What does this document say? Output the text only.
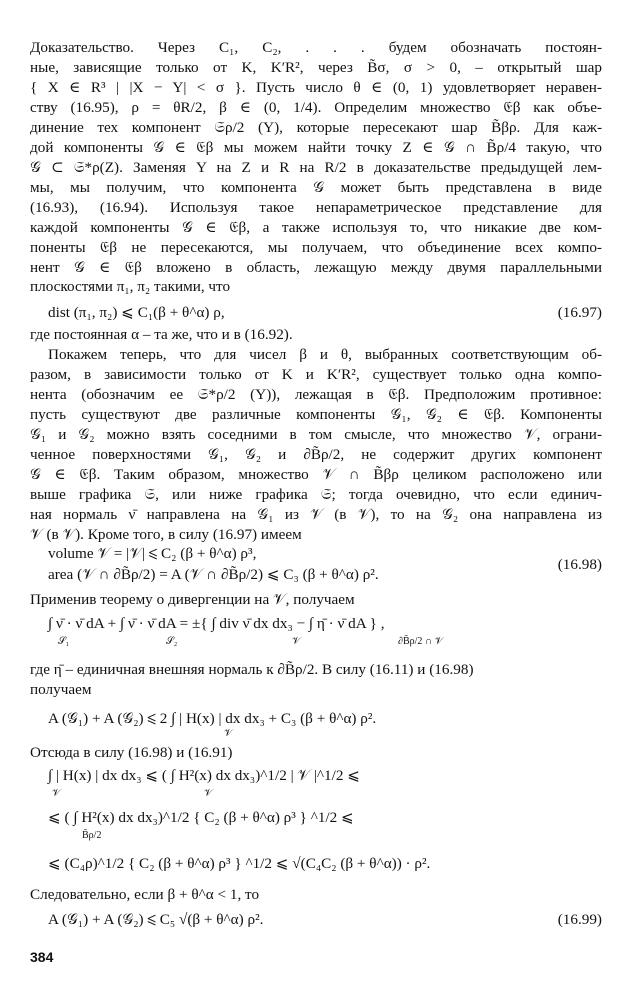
Доказательство. Через C₁, C₂, . . . будем обозначать постоян-
ные, зависящие только от K, K′R², через B̃σ, σ > 0, – открытый шар
{ X ∈ R³ | |X − Y| < σ }. Пусть число θ ∈ (0, 1) удовлетворяет неравен-
ству (16.95), ρ = θR/2, β ∈ (0, 1/4). Определим множество 𝔈β как объе-
динение тех компонент 𝔖ρ/2 (Y), которые пересекают шар B̃βρ. Для каж-
дой компоненты 𝒢 ∈ 𝔈β мы можем найти точку Z ∈ 𝒢 ∩ B̃ρ/4 такую, что
𝒢 ⊂ 𝔖*ρ(Z). Заменяя Y на Z и R на R/2 в доказательстве предыдущей лем-
мы, мы получим, что компонента 𝒢 может быть представлена в виде
(16.93), (16.94). Используя такое непараметрическое представление для
каждой компоненты 𝒢 ∈ 𝔈β, а также используя то, что никакие две ком-
поненты 𝔈β не пересекаются, мы получаем, что объединение всех компо-
нент 𝒢 ∈ 𝔈β вложено в область, лежащую между двумя параллельными
плоскостями π₁, π₂ такими, что
dist (π₁, π₂) ⩽ C₁(β + θ^α) ρ,	(16.97)
где постоянная α – та же, что и в (16.92).
Покажем теперь, что для чисел β и θ, выбранных соответствующим об-
разом, в зависимости только от K и K′R², существует только одна компо-
нента (обозначим ее 𝔖*ρ/2 (Y)), лежащая в 𝔈β. Предположим противное:
пусть существуют две различные компоненты 𝒢₁, 𝒢₂ ∈ 𝔈β. Компоненты
𝒢₁ и 𝒢₂ можно взять соседними в том смысле, что множество 𝒱, ограни-
ченное поверхностями 𝒢₁, 𝒢₂ и ∂B̃ρ/2, не содержит других компонент
𝒢 ∈ 𝔈β. Таким образом, множество 𝒱 ∩ B̃βρ целиком расположено или
выше графика 𝔖, или ниже графика 𝔖; тогда очевидно, что если единич-
ная нормаль ν̄ направлена на 𝒢₁ из 𝒱 (в 𝒱), то на 𝒢₂ она направлена из
𝒱 (в 𝒱). Кроме того, в силу (16.97) имеем
volume 𝒱 = |𝒱| ⩽ C₂ (β + θ^α) ρ³,
area (𝒱 ∩ ∂B̃ρ/2) = A (𝒱 ∩ ∂B̃ρ/2) ⩽ C₃ (β + θ^α) ρ².
(16.98)
Применив теорему о дивергенции на 𝒱, получаем
∫ ν̄ · ν̄ dA + ∫ ν̄ · ν̄ dA = ±{ ∫ div ν̄ dx dx₃ − ∫ η̄ · ν̄ dA } ,
𝒮₁	𝒮₂	𝒱	∂B̃ρ/2 ∩ 𝒱
где η̄ – единичная внешняя нормаль к ∂B̃ρ/2. В силу (16.11) и (16.98)
получаем
A (𝒢₁) + A (𝒢₂) ⩽ 2 ∫ | H(x) | dx dx₃ + C₃ (β + θ^α) ρ².
𝒱
Отсюда в силу (16.98) и (16.91)
∫ | H(x) | dx dx₃ ⩽ ( ∫ H²(x) dx dx₃)^1/2 | 𝒱 |^1/2 ⩽
𝒱	𝒱
⩽ ( ∫ H²(x) dx dx₃)^1/2 { C₂ (β + θ^α) ρ³ } ^1/2 ⩽
B̃ρ/2
⩽ (C₄ρ)^1/2 { C₂ (β + θ^α) ρ³ } ^1/2 ⩽ √(C₄C₂ (β + θ^α)) · ρ².
Следовательно, если β + θ^α < 1, то
A (𝒢₁) + A (𝒢₂) ⩽ C₅ √(β + θ^α) ρ².	(16.99)
384
